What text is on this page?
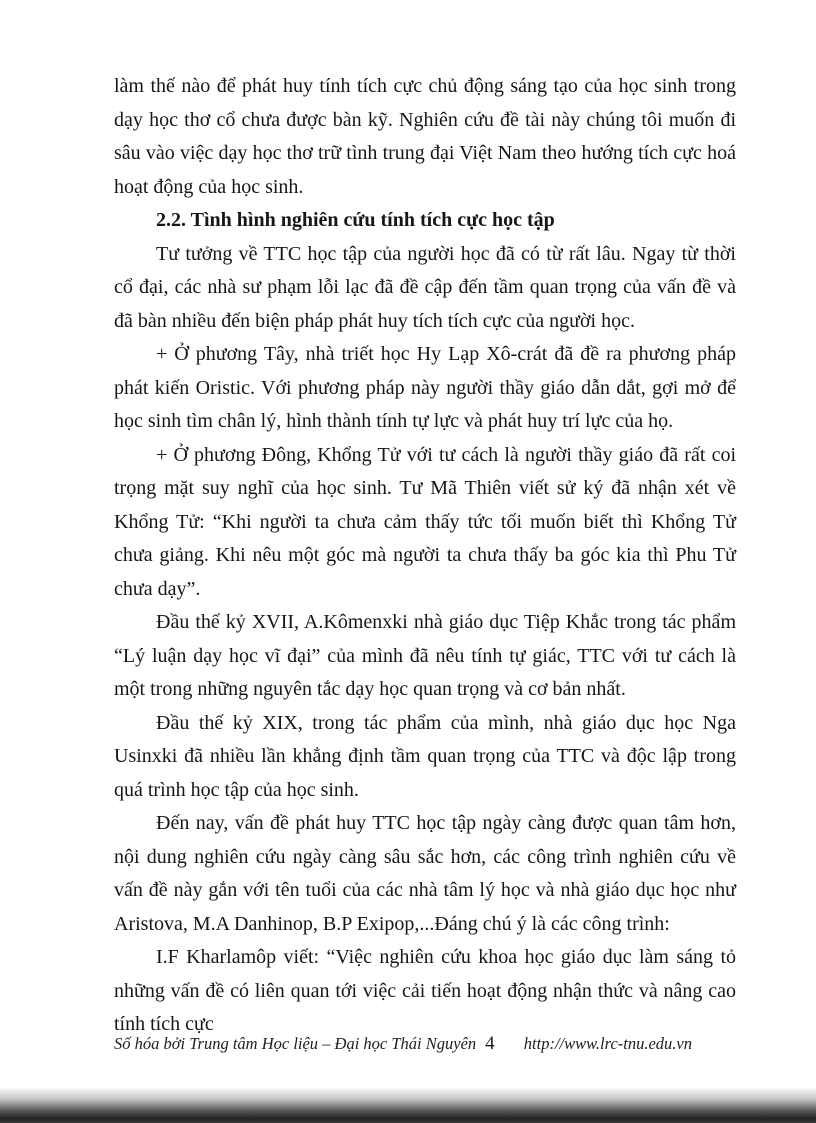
làm thế nào để phát huy tính tích cực chủ động sáng tạo của học sinh trong dạy học thơ cổ chưa được bàn kỹ. Nghiên cứu đề tài này chúng tôi muốn đi sâu vào việc dạy học thơ trữ tình trung đại Việt Nam theo hướng tích cực hoá hoạt động của học sinh.

2.2. Tình hình nghiên cứu tính tích cực học tập

Tư tưởng về TTC học tập của người học đã có từ rất lâu. Ngay từ thời cổ đại, các nhà sư phạm lỗi lạc đã đề cập đến tầm quan trọng của vấn đề và đã bàn nhiều đến biện pháp phát huy tích tích cực của người học.

+ Ở phương Tây, nhà triết học Hy Lạp Xô-crát đã đề ra phương pháp phát kiến Oristic. Với phương pháp này người thầy giáo dẫn dắt, gợi mở để học sinh tìm chân lý, hình thành tính tự lực và phát huy trí lực của họ.

+ Ở phương Đông, Khổng Tử với tư cách là người thầy giáo đã rất coi trọng mặt suy nghĩ của học sinh. Tư Mã Thiên viết sử ký đã nhận xét về Khổng Tử: “Khi người ta chưa cảm thấy tức tối muốn biết thì Khổng Tử chưa giảng. Khi nêu một góc mà người ta chưa thấy ba góc kia thì Phu Tử chưa dạy”.

Đầu thế kỷ XVII, A.Kômenxki nhà giáo dục Tiệp Khắc trong tác phẩm “Lý luận dạy học vĩ đại” của mình đã nêu tính tự giác, TTC với tư cách là một trong những nguyên tắc dạy học quan trọng và cơ bản nhất.

Đầu thế kỷ XIX, trong tác phẩm của mình, nhà giáo dục học Nga Usinxki đã nhiều lần khẳng định tầm quan trọng của TTC và độc lập trong quá trình học tập của học sinh.

Đến nay, vấn đề phát huy TTC học tập ngày càng được quan tâm hơn, nội dung nghiên cứu ngày càng sâu sắc hơn, các công trình nghiên cứu về vấn đề này gắn với tên tuổi của các nhà tâm lý học và nhà giáo dục học như Aristova, M.A Danhinop, B.P Exipop,...Đáng chú ý là các công trình:

I.F Kharlamôp viết: “Việc nghiên cứu khoa học giáo dục làm sáng tỏ những vấn đề có liên quan tới việc cải tiến hoạt động nhận thức và nâng cao tính tích cực

Số hóa bởi Trung tâm Học liệu – Đại học Thái Nguyên 4 http://www.lrc-tnu.edu.vn
